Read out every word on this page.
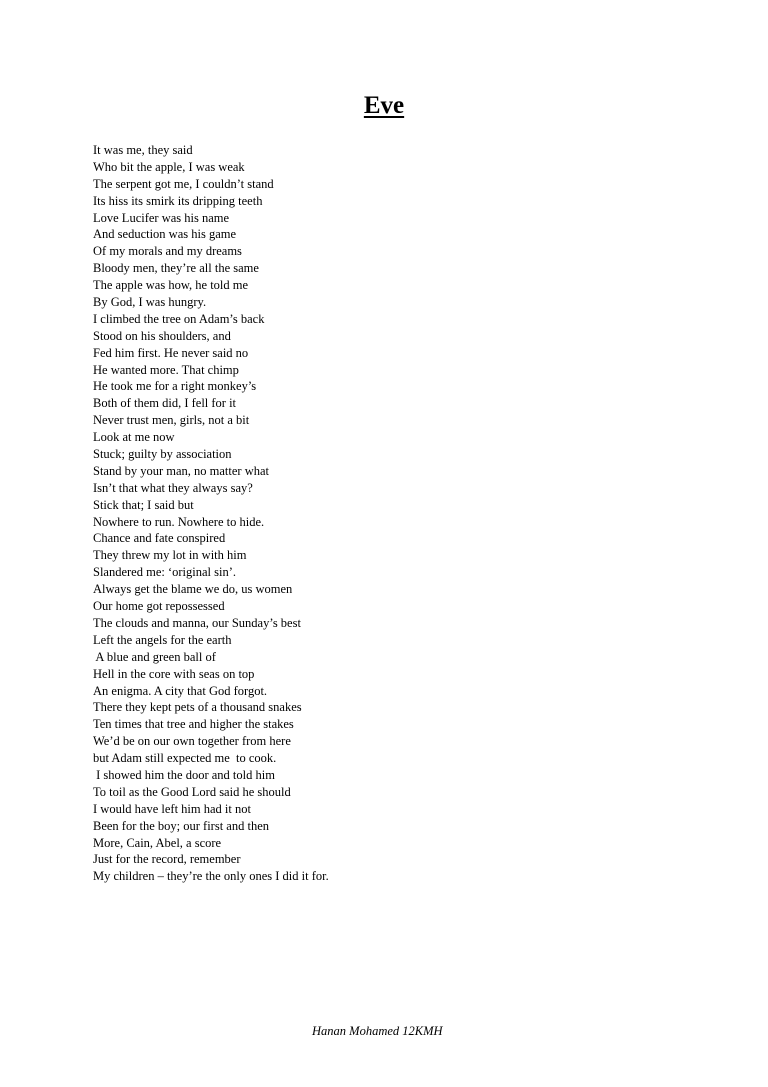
Eve
It was me, they said
Who bit the apple, I was weak
The serpent got me, I couldn’t stand
Its hiss its smirk its dripping teeth
Love Lucifer was his name
And seduction was his game
Of my morals and my dreams
Bloody men, they’re all the same
The apple was how, he told me
By God, I was hungry.
I climbed the tree on Adam’s back
Stood on his shoulders, and
Fed him first. He never said no
He wanted more. That chimp
He took me for a right monkey’s
Both of them did, I fell for it
Never trust men, girls, not a bit
Look at me now
Stuck; guilty by association
Stand by your man, no matter what
Isn’t that what they always say?
Stick that; I said but
Nowhere to run. Nowhere to hide.
Chance and fate conspired
They threw my lot in with him
Slandered me: ‘original sin’.
Always get the blame we do, us women
Our home got repossessed
The clouds and manna, our Sunday’s best
Left the angels for the earth
A blue and green ball of
Hell in the core with seas on top
An enigma. A city that God forgot.
There they kept pets of a thousand snakes
Ten times that tree and higher the stakes
We’d be on our own together from here
but Adam still expected me  to cook.
I showed him the door and told him
To toil as the Good Lord said he should
I would have left him had it not
Been for the boy; our first and then
More, Cain, Abel, a score
Just for the record, remember
My children – they’re the only ones I did it for.
Hanan Mohamed 12KMH
